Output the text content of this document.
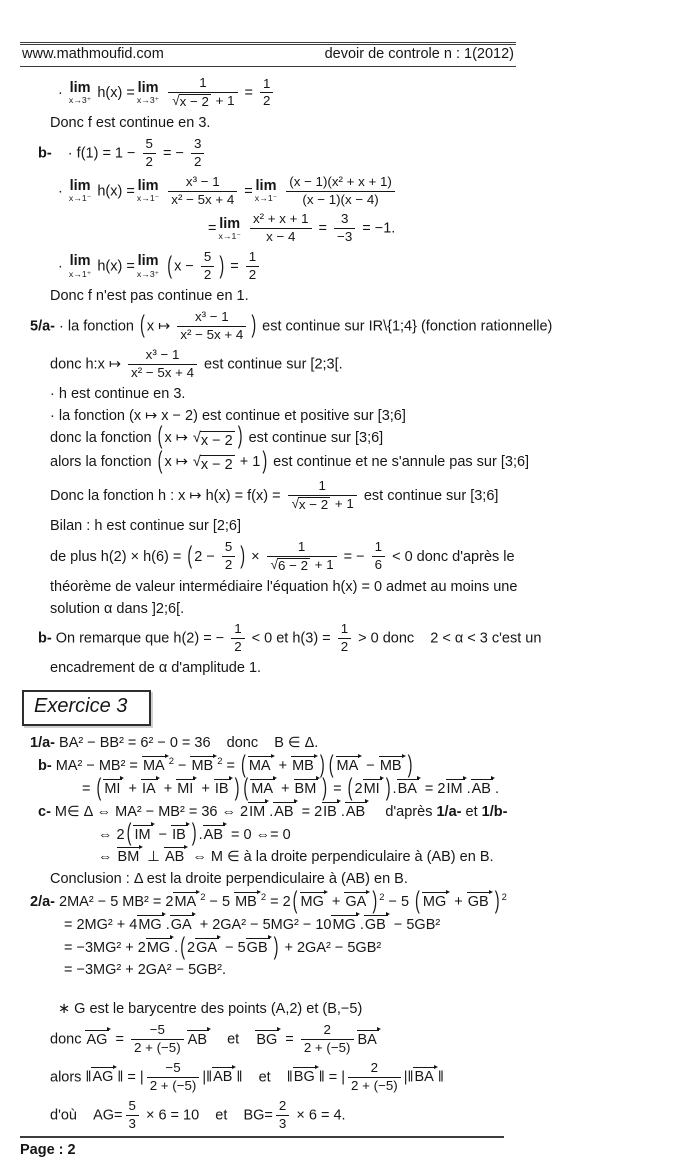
www.mathmoufid.com	devoir de controle n : 1(2012)
· lim
x→3⁺ h(x) = lim
x→3⁺
$\frac{1}{√ x - 2 + 1} = \frac{1}{2}$
Donc f est continue en 3.
b-    · $f(1) = 1 - \frac{5}{2}$ = − $\frac{3}{2}$
· lim
x→1⁻ h(x) = lim
x→1⁻
$\frac{\text{x³ − 1}}{\text{x² − 5x + 4}} = \lim$
x→1⁻
$\frac{\text{(x − 1)(x² + x + 1)}}{(x - 1)(x - 4)}$
= lim
x→1⁻
$\frac{\text{x² + x + 1}}{x - 4} = \frac{3}{-3} = -1$.
· lim
x→1⁺ h(x) = lim
x→3⁺ ( $x - \frac{5}{2}$ ) = $\frac{1}{2}$
Donc f n'est pas continue en 1.
5/a- · la fonction ( x ↦ $\frac{\text{x³ − 1}}{\text{x² − 5x + 4}}$ ) est continue sur IR\{1;4} (fonction rationnelle)
donc h:x ↦ $\frac{\text{x³ − 1}}{\text{x² − 5x + 4}}$ est continue sur [2;3[.
· h est continue en 3.
· la fonction (x ↦ x − 2) est continue et positive sur [3;6]
donc la fonction ( x ↦ √ x − 2 ) est continue sur [3;6]
alors la fonction ( x ↦ √ x − 2 + 1 ) est continue et ne s'annule pas sur [3;6]
Donc la fonction h : x ↦ $h(x) = f(x) = \frac{1}{√ x - 2 + 1}$ est continue sur [3;6]
Bilan : h est continue sur [2;6]
de plus h(2) × h(6) = ( $2 - \frac{5}{2}$ ) × $\frac{1}{√ 6 - 2 + 1}$ = − $\frac{1}{6} < 0$ donc d'après le
théorème de valeur intermédiaire l'équation h(x) = 0 admet au moins une
solution α dans ]2;6[.
b- On remarque que h(2) = − $\frac{1}{2} < 0$ et $h(3) = \frac{1}{2} > 0$ donc    2 < α < 3 c'est un
encadrement de α d'amplitude 1.
Exercice 3
1/a- BA² − BB² = 6² − 0 = 36    donc    B ∈ Δ.
b- MA² − MB² = MA $^2$ − MB $^2$ = ( MA + MB ) ( MA − MB )
= ( MI + IA + MI + IB ) ( MA + BM ) = ( 2MI ) .BA = 2IM .AB .
c- M∈ Δ ⇔ MA² − MB² = 36 ⇔ 2IM .AB = 2IB .AB    d'après 1/a- et 1/b-
⇔ 2 ( IM − IB ) .AB = 0 ⇔= 0
⇔ BM ⊥ AB ⇔ M ∈ à la droite perpendiculaire à (AB) en B.
Conclusion : Δ est la droite perpendiculaire à (AB) en B.
2/a- 2MA² − 5 MB² = 2MA $^2$ − 5 MB $^2$ = 2 ( MG + GA ) $^2$ − 5 ( MG + GB ) $^2$
= 2MG² + 4MG .GA + 2GA² − 5MG² − 10MG .GB − 5GB²
= −3MG² + 2MG . ( 2GA − 5GB ) + 2GA² − 5GB²
= −3MG² + 2GA² − 5GB².
∗ G est le barycentre des points (A,2) et (B,−5)
donc AG = $\frac{-5}{2 + (-5)}$ AB    et    BG = $\frac{2}{2 + (-5)}$ BA
alors ‖AG ‖ = | $\frac{-5}{2 + (-5)}$ |‖AB ‖    et    ‖BG ‖ = | $\frac{2}{2 + (-5)}$ |‖BA ‖
d'où    $AG= \frac{5}{3} \times 6 = 10$    et    $BG= \frac{2}{3} \times 6 = 4$.
Page : 2
